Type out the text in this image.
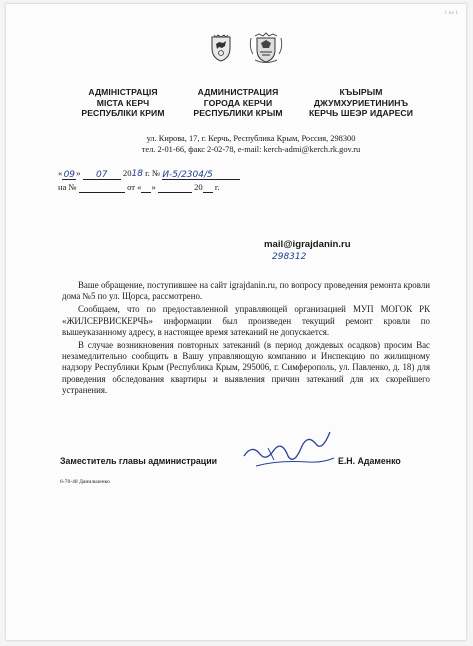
1 из 1
АДМІНІСТРАЦІЯ
МІСТА КЕРЧ
РЕСПУБЛІКИ КРИМ
АДМИНИСТРАЦИЯ
ГОРОДА КЕРЧИ
РЕСПУБЛИКИ КРЫМ
КЪЫРЫМ
ДЖУМХУРИЕТИНИНЪ
КЕРЧЬ ШЕЭР ИДАРЕСИ
ул. Кирова, 17, г. Керчь, Республика Крым, Россия, 298300
тел. 2-01-66, факс 2-02-78, e-mail: kerch-admi@kerch.rk.gov.ru
«09» 07 2018 г. № И-5/2304/5
на №	от « »	20 г.
mail@igrajdanin.ru
298312

Ваше обращение, поступившее на сайт igrajdanin.ru, по вопросу проведения ремонта кровли дома №5 по ул. Щорса, рассмотрено.

Сообщаем, что по предоставленной управляющей организацией МУП МОГОК РК «ЖИЛСЕРВИСКЕРЧЬ» информации был произведен текущий ремонт кровли по вышеуказанному адресу, в настоящее время затеканий не допускается.

В случае возникновения повторных затеканий (в период дождевых осадков) просим Вас незамедлительно сообщить в Вашу управляющую компанию и Инспекцию по жилищному надзору Республики Крым (Республика Крым, 295006, г. Симферополь, ул. Павленко, д. 18) для проведения обследования квартиры и выявления причин затеканий для их скорейшего устранения.

Заместитель главы администрации	Е.Н. Адаменко
6-70-48 Данильченко
